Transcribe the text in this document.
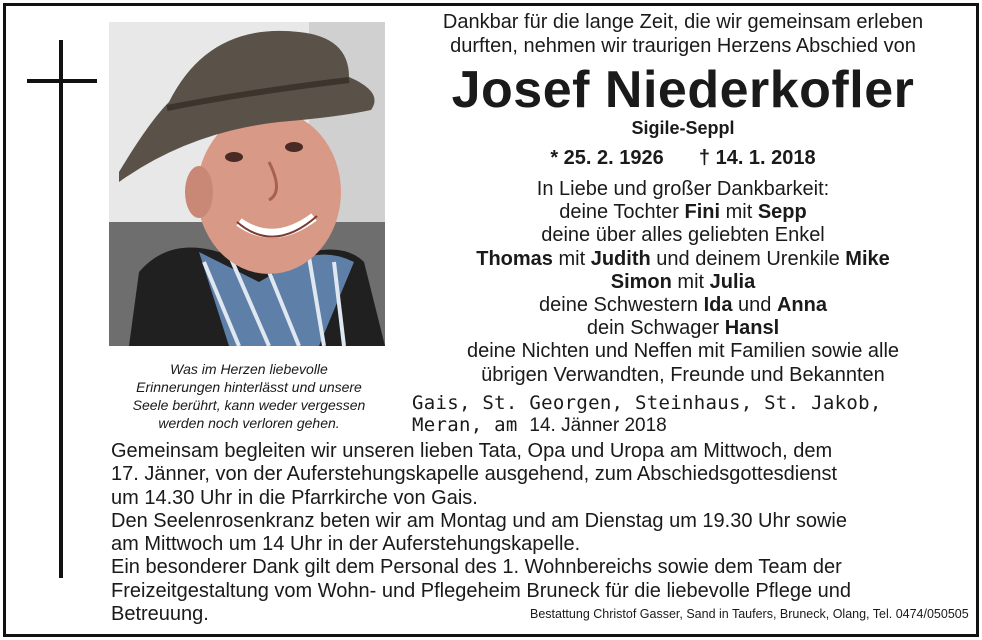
Was im Herzen liebevolle
Erinnerungen hinterlässt und unsere
Seele berührt, kann weder vergessen
werden noch verloren gehen.
Dankbar für die lange Zeit, die wir gemeinsam erleben
durften, nehmen wir traurigen Herzens Abschied von
Josef Niederkofler
Sigile-Seppl
* 25. 2. 1926 † 14. 1. 2018
In Liebe und großer Dankbarkeit:
deine Tochter Fini mit Sepp
deine über alles geliebten Enkel
Thomas mit Judith und deinem Urenkile Mike
Simon mit Julia
deine Schwestern Ida und Anna
dein Schwager Hansl
deine Nichten und Neffen mit Familien sowie alle
übrigen Verwandten, Freunde und Bekannten
Gais, St. Georgen, Steinhaus, St. Jakob,
Meran, am 14. Jänner 2018
Gemeinsam begleiten wir unseren lieben Tata, Opa und Uropa am Mittwoch, dem
17. Jänner, von der Auferstehungskapelle ausgehend, zum Abschiedsgottesdienst
um 14.30 Uhr in die Pfarrkirche von Gais.
Den Seelenrosenkranz beten wir am Montag und am Dienstag um 19.30 Uhr sowie
am Mittwoch um 14 Uhr in der Auferstehungskapelle.
Ein besonderer Dank gilt dem Personal des 1. Wohnbereichs sowie dem Team der
Freizeitgestaltung vom Wohn- und Pflegeheim Bruneck für die liebevolle Pflege und
Betreuung.	Bestattung Christof Gasser, Sand in Taufers, Bruneck, Olang, Tel. 0474/050505
